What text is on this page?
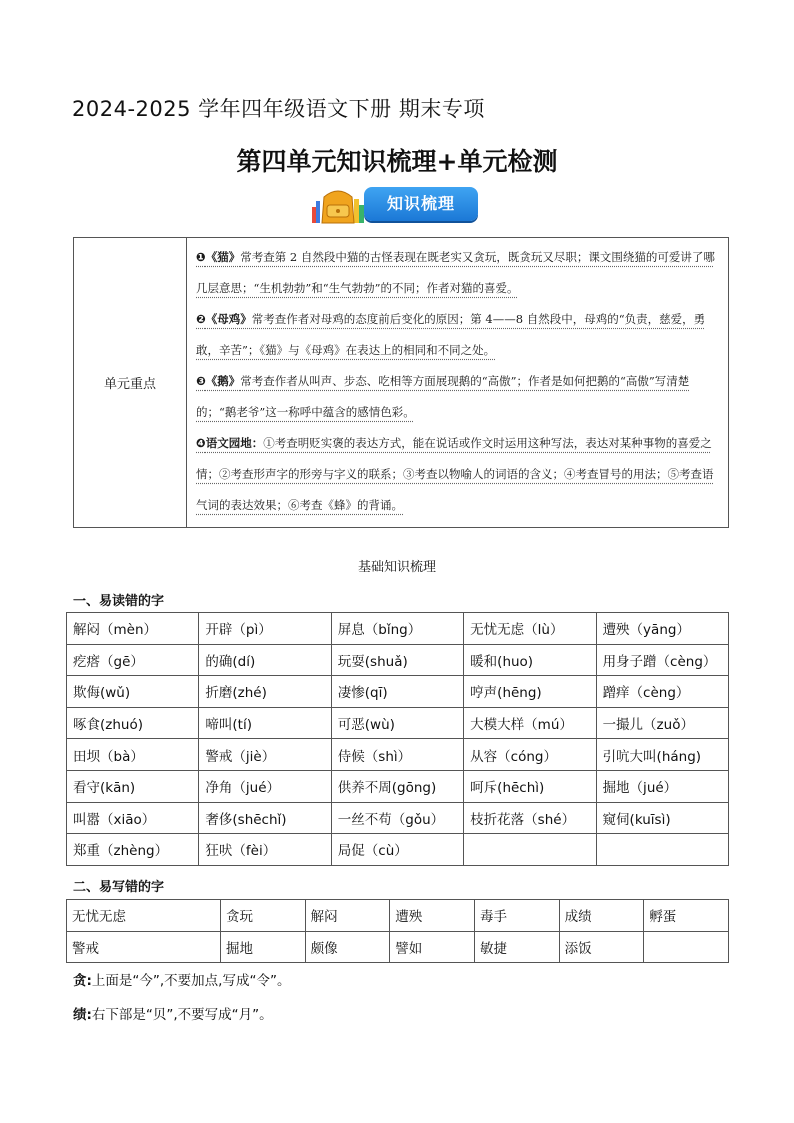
2024-2025 学年四年级语文下册 期末专项
第四单元知识梳理+单元检测
知识梳理
单元重点	

❶《猫》常考查第 2 自然段中猫的古怪表现在既老实又贪玩，既贪玩又尽职；课文围绕猫的可爱讲了哪几层意思；“生机勃勃”和“生气勃勃”的不同；作者对猫的喜爱。

❷《母鸡》常考查作者对母鸡的态度前后变化的原因；第 4——8 自然段中，母鸡的“负责，慈爱，勇敢，辛苦”；《猫》与《母鸡》在表达上的相同和不同之处。

❸《鹅》常考查作者从叫声、步态、吃相等方面展现鹅的“高傲”；作者是如何把鹅的“高傲”写清楚的；“鹅老爷”这一称呼中蕴含的感情色彩。

❹语文园地：①考查明贬实褒的表达方式，能在说话或作文时运用这种写法，表达对某种事物的喜爱之情；②考查形声字的形旁与字义的联系；③考查以物喻人的词语的含义；④考查冒号的用法；⑤考查语气词的表达效果；⑥考查《蜂》的背诵。

基础知识梳理
一、易读错的字
解闷（mèn）	开辟（pì）	屏息（bǐng）	无忧无虑（lù）	遭殃（yāng）
疙瘩（gē）	的确(dí)	玩耍(shuǎ)	暖和(huo)	用身子蹭（cèng）
欺侮(wǔ)	折磨(zhé)	凄惨(qī)	哼声(hēng)	蹭痒（cèng）
啄食(zhuó)	啼叫(tí)	可恶(wù)	大模大样（mú）	一撮儿（zuǒ）
田坝（bà）	警戒（jiè）	侍候（shì）	从容（cóng）	引吭大叫(háng)
看守(kān)	净角（jué）	供养不周(gōng)	呵斥(hēchì)	掘地（jué）
叫嚣（xiāo）	奢侈(shēchǐ)	一丝不苟（gǒu）	枝折花落（shé）	窥伺(kuīsì)
郑重（zhèng）	狂吠（fèi）	局促（cù）		
二、易写错的字
无忧无虑	贪玩	解闷	遭殃	毒手	成绩	孵蛋
警戒	掘地	颇像	譬如	敏捷	添饭	
贪:上面是“今”,不要加点,写成“令”。
绩:右下部是“贝”,不要写成“月”。
